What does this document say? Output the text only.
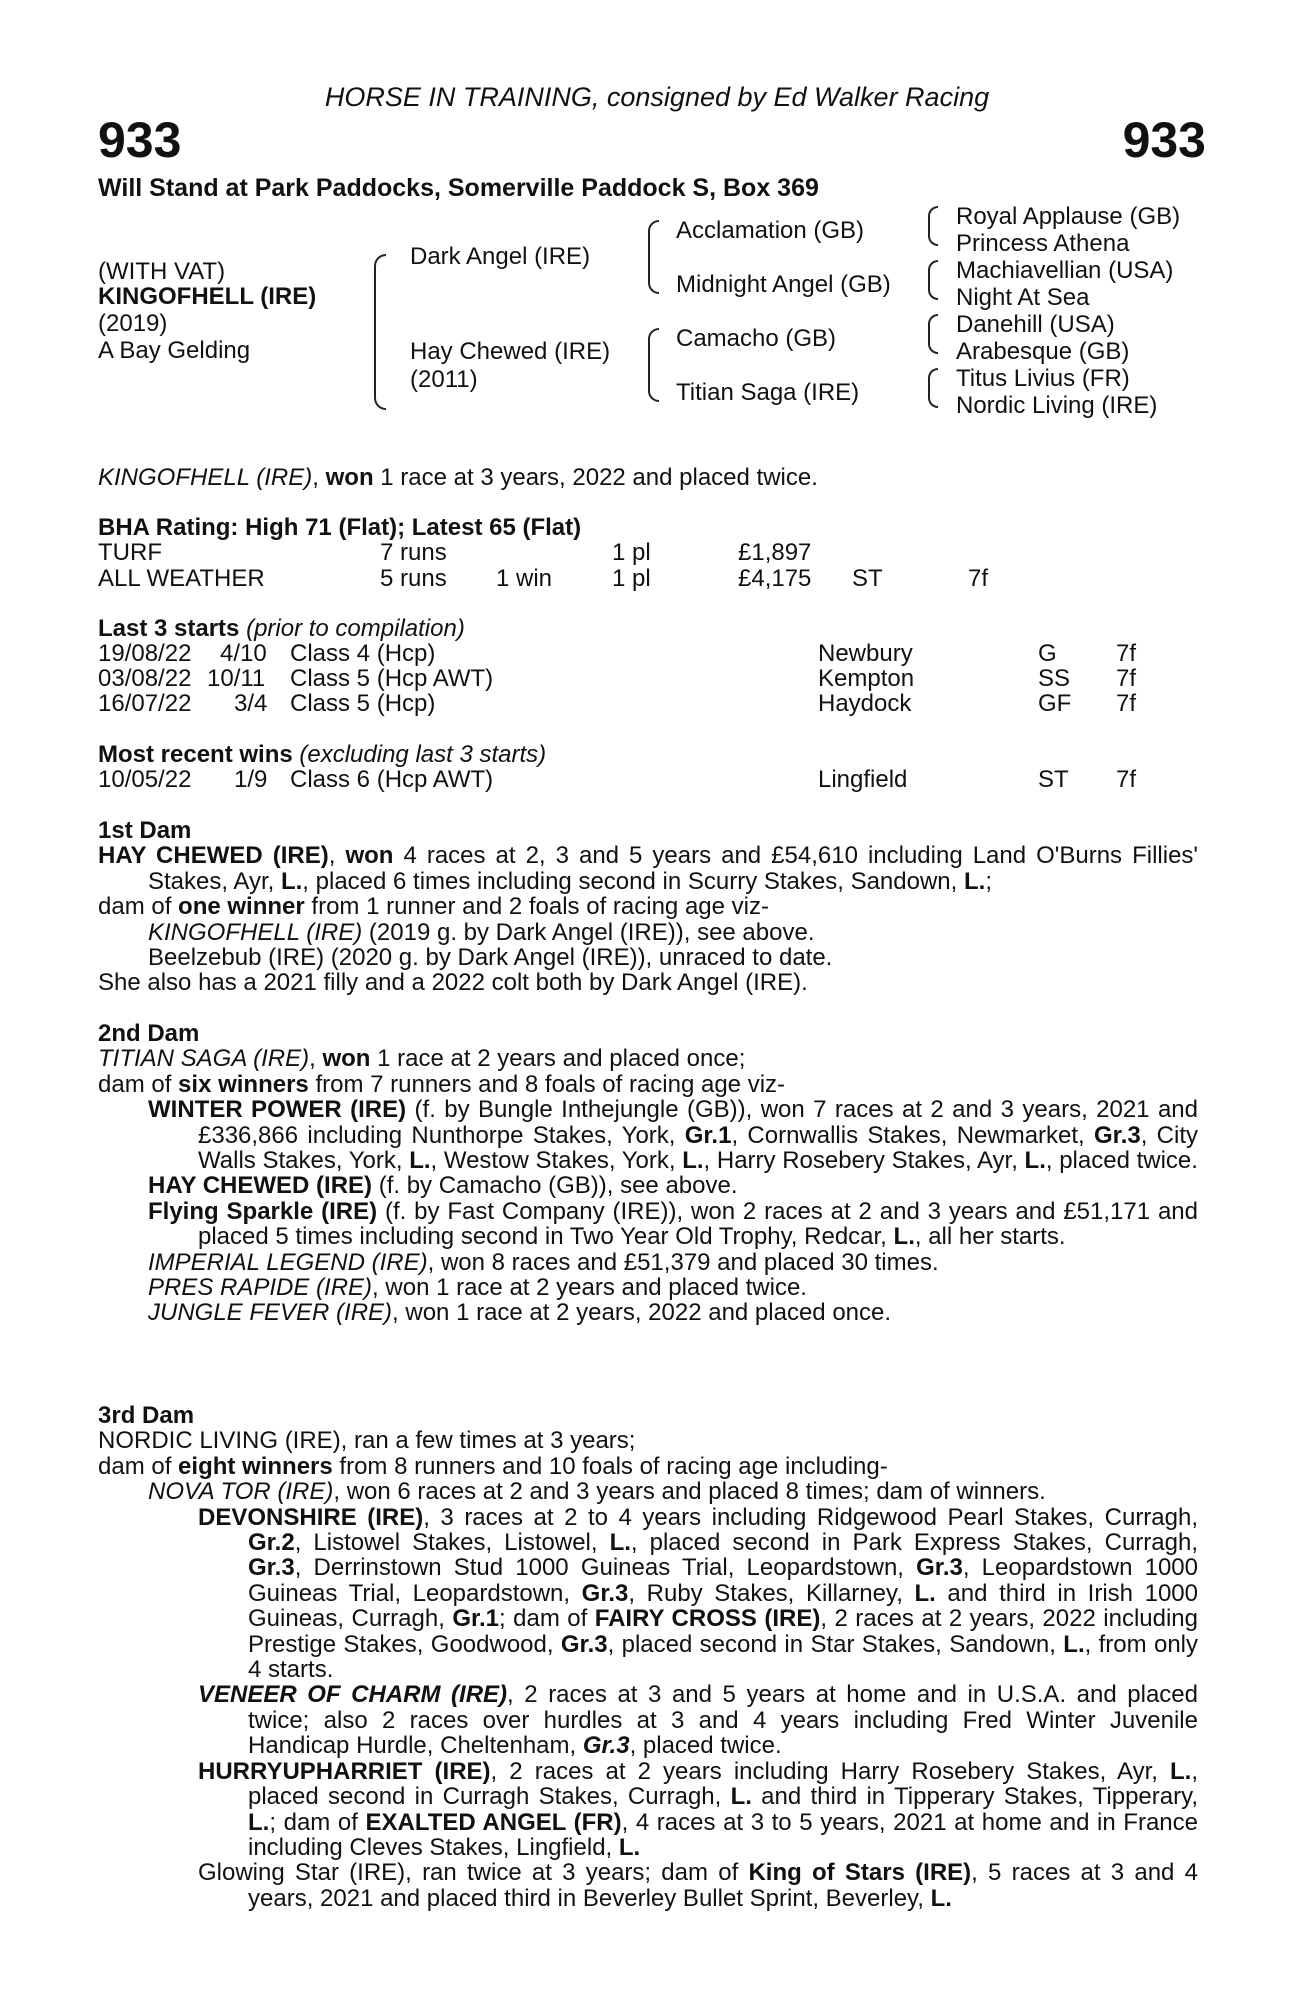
HORSE IN TRAINING, consigned by Ed Walker Racing
933	933
Will Stand at Park Paddocks, Somerville Paddock S, Box 369
(WITH VAT)
KINGOFHELL (IRE)
(2019)
A Bay Gelding
Dark Angel (IRE)
Hay Chewed (IRE)
(2011)
Acclamation (GB)
Midnight Angel (GB)
Camacho (GB)
Titian Saga (IRE)
Royal Applause (GB)
Princess Athena
Machiavellian (USA)
Night At Sea
Danehill (USA)
Arabesque (GB)
Titus Livius (FR)
Nordic Living (IRE)
KINGOFHELL (IRE), won 1 race at 3 years, 2022 and placed twice.
BHA Rating: High 71 (Flat); Latest 65 (Flat)
TURF	7 runs	1 pl	£1,897
ALL WEATHER	5 runs 1 win 1 pl	£4,175 ST	7f
Last 3 starts (prior to compilation)
19/08/22 4/10 Class 4 (Hcp)	Newbury	G 7f
03/08/22 10/11 Class 5 (Hcp AWT)	Kempton	SS 7f
16/07/22 3/4 Class 5 (Hcp)	Haydock	GF 7f
Most recent wins (excluding last 3 starts)
10/05/22 1/9 Class 6 (Hcp AWT)	Lingfield	ST 7f

1st Dam

HAY CHEWED (IRE), won 4 races at 2, 3 and 5 years and £54,610 including Land O'Burns Fillies' Stakes, Ayr, L., placed 6 times including second in Scurry Stakes, Sandown, L.;

dam of one winner from 1 runner and 2 foals of racing age viz-

KINGOFHELL (IRE) (2019 g. by Dark Angel (IRE)), see above.

Beelzebub (IRE) (2020 g. by Dark Angel (IRE)), unraced to date.

She also has a 2021 filly and a 2022 colt both by Dark Angel (IRE).

2nd Dam

TITIAN SAGA (IRE), won 1 race at 2 years and placed once;

dam of six winners from 7 runners and 8 foals of racing age viz-

WINTER POWER (IRE) (f. by Bungle Inthejungle (GB)), won 7 races at 2 and 3 years, 2021 and £336,866 including Nunthorpe Stakes, York, Gr.1, Cornwallis Stakes, Newmarket, Gr.3, City Walls Stakes, York, L., Westow Stakes, York, L., Harry Rosebery Stakes, Ayr, L., placed twice.

HAY CHEWED (IRE) (f. by Camacho (GB)), see above.

Flying Sparkle (IRE) (f. by Fast Company (IRE)), won 2 races at 2 and 3 years and £51,171 and placed 5 times including second in Two Year Old Trophy, Redcar, L., all her starts.

IMPERIAL LEGEND (IRE), won 8 races and £51,379 and placed 30 times.

PRES RAPIDE (IRE), won 1 race at 2 years and placed twice.

JUNGLE FEVER (IRE), won 1 race at 2 years, 2022 and placed once.

3rd Dam

NORDIC LIVING (IRE), ran a few times at 3 years;

dam of eight winners from 8 runners and 10 foals of racing age including-

NOVA TOR (IRE), won 6 races at 2 and 3 years and placed 8 times; dam of winners.

DEVONSHIRE (IRE), 3 races at 2 to 4 years including Ridgewood Pearl Stakes, Curragh, Gr.2, Listowel Stakes, Listowel, L., placed second in Park Express Stakes, Curragh, Gr.3, Derrinstown Stud 1000 Guineas Trial, Leopardstown, Gr.3, Leopardstown 1000 Guineas Trial, Leopardstown, Gr.3, Ruby Stakes, Killarney, L. and third in Irish 1000 Guineas, Curragh, Gr.1; dam of FAIRY CROSS (IRE), 2 races at 2 years, 2022 including Prestige Stakes, Goodwood, Gr.3, placed second in Star Stakes, Sandown, L., from only 4 starts.

VENEER OF CHARM (IRE), 2 races at 3 and 5 years at home and in U.S.A. and placed twice; also 2 races over hurdles at 3 and 4 years including Fred Winter Juvenile Handicap Hurdle, Cheltenham, Gr.3, placed twice.

HURRYUPHARRIET (IRE), 2 races at 2 years including Harry Rosebery Stakes, Ayr, L., placed second in Curragh Stakes, Curragh, L. and third in Tipperary Stakes, Tipperary, L.; dam of EXALTED ANGEL (FR), 4 races at 3 to 5 years, 2021 at home and in France including Cleves Stakes, Lingfield, L.

Glowing Star (IRE), ran twice at 3 years; dam of King of Stars (IRE), 5 races at 3 and 4 years, 2021 and placed third in Beverley Bullet Sprint, Beverley, L.
